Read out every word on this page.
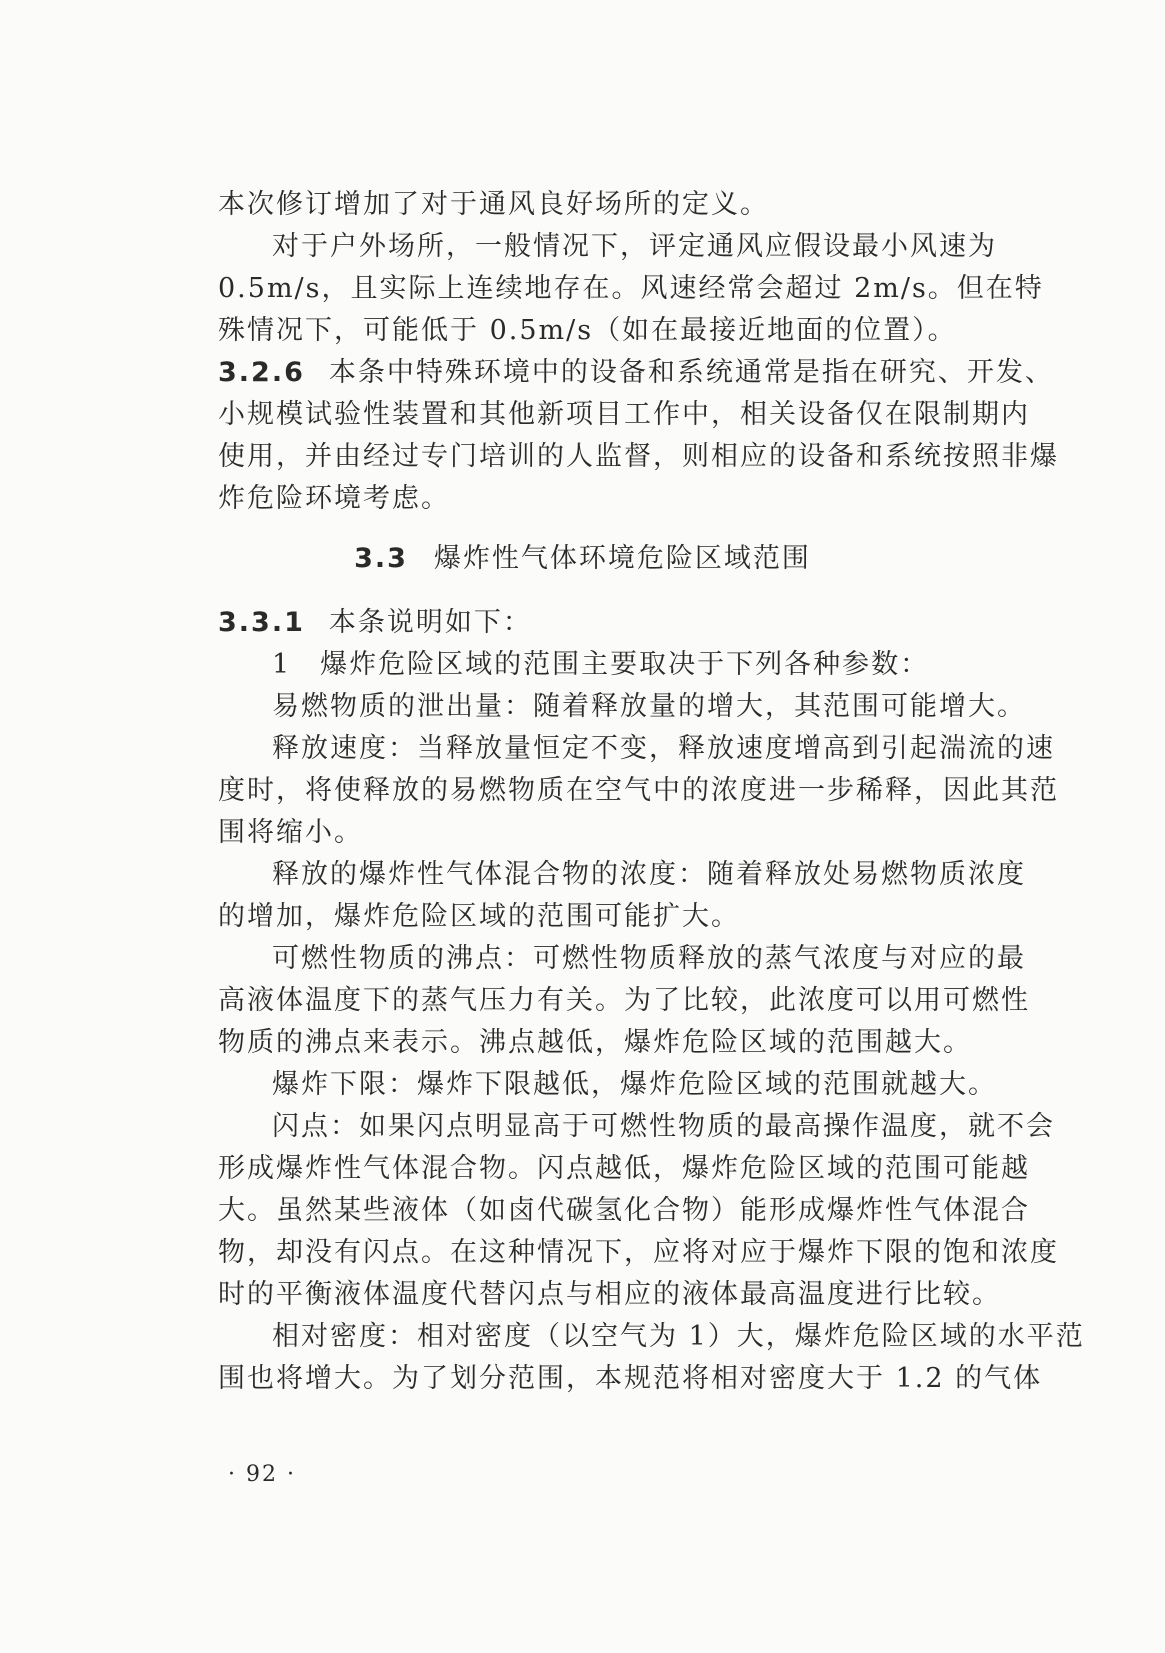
本次修订增加了对于通风良好场所的定义。
对于户外场所，一般情况下，评定通风应假设最小风速为
0.5m/s，且实际上连续地存在。风速经常会超过 2m/s。但在特
殊情况下，可能低于 0.5m/s（如在最接近地面的位置）。
3.2.6 本条中特殊环境中的设备和系统通常是指在研究、开发、
小规模试验性装置和其他新项目工作中，相关设备仅在限制期内
使用，并由经过专门培训的人监督，则相应的设备和系统按照非爆
炸危险环境考虑。
3.3 爆炸性气体环境危险区域范围
3.3.1 本条说明如下：
1　爆炸危险区域的范围主要取决于下列各种参数：
易燃物质的泄出量：随着释放量的增大，其范围可能增大。
释放速度：当释放量恒定不变，释放速度增高到引起湍流的速
度时，将使释放的易燃物质在空气中的浓度进一步稀释，因此其范
围将缩小。
释放的爆炸性气体混合物的浓度：随着释放处易燃物质浓度
的增加，爆炸危险区域的范围可能扩大。
可燃性物质的沸点：可燃性物质释放的蒸气浓度与对应的最
高液体温度下的蒸气压力有关。为了比较，此浓度可以用可燃性
物质的沸点来表示。沸点越低，爆炸危险区域的范围越大。
爆炸下限：爆炸下限越低，爆炸危险区域的范围就越大。
闪点：如果闪点明显高于可燃性物质的最高操作温度，就不会
形成爆炸性气体混合物。闪点越低，爆炸危险区域的范围可能越
大。虽然某些液体（如卤代碳氢化合物）能形成爆炸性气体混合
物，却没有闪点。在这种情况下，应将对应于爆炸下限的饱和浓度
时的平衡液体温度代替闪点与相应的液体最高温度进行比较。
相对密度：相对密度（以空气为 1）大，爆炸危险区域的水平范
围也将增大。为了划分范围，本规范将相对密度大于 1.2 的气体
· 92 ·
